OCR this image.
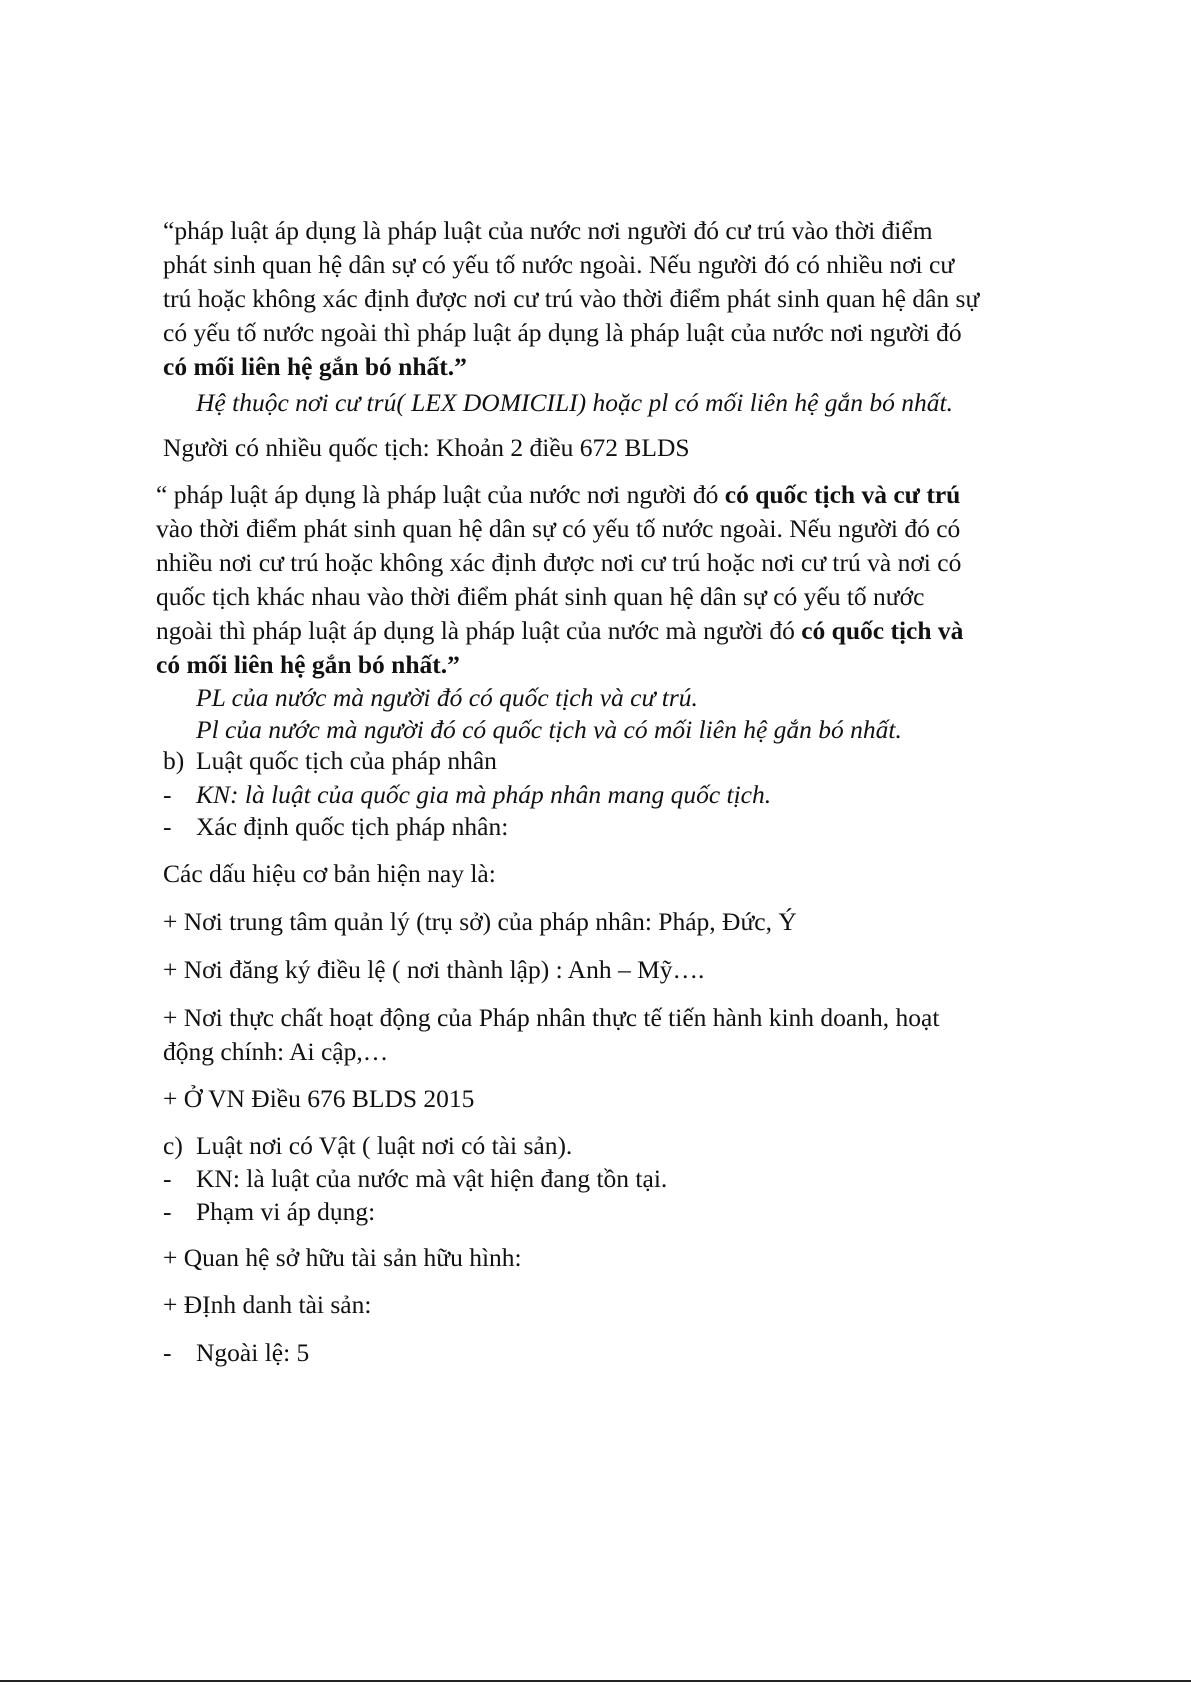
“pháp luật áp dụng là pháp luật của nước nơi người đó cư trú vào thời điểm
phát sinh quan hệ dân sự có yếu tố nước ngoài. Nếu người đó có nhiều nơi cư
trú hoặc không xác định được nơi cư trú vào thời điểm phát sinh quan hệ dân sự
có yếu tố nước ngoài thì pháp luật áp dụng là pháp luật của nước nơi người đó
có mối liên hệ gắn bó nhất.”
Hệ thuộc nơi cư trú( LEX DOMICILI) hoặc pl có mối liên hệ gắn bó nhất.
Người có nhiều quốc tịch: Khoản 2 điều 672 BLDS
“ pháp luật áp dụng là pháp luật của nước nơi người đó có quốc tịch và cư trú
vào thời điểm phát sinh quan hệ dân sự có yếu tố nước ngoài. Nếu người đó có
nhiều nơi cư trú hoặc không xác định được nơi cư trú hoặc nơi cư trú và nơi có
quốc tịch khác nhau vào thời điểm phát sinh quan hệ dân sự có yếu tố nước
ngoài thì pháp luật áp dụng là pháp luật của nước mà người đó có quốc tịch và
có mối liên hệ gắn bó nhất.”
PL của nước mà người đó có quốc tịch và cư trú.
Pl của nước mà người đó có quốc tịch và có mối liên hệ gắn bó nhất.
b) Luật quốc tịch của pháp nhân
- KN: là luật của quốc gia mà pháp nhân mang quốc tịch.
- Xác định quốc tịch pháp nhân:
Các dấu hiệu cơ bản hiện nay là:
+ Nơi trung tâm quản lý (trụ sở) của pháp nhân: Pháp, Đức, Ý
+ Nơi đăng ký điều lệ ( nơi thành lập) : Anh – Mỹ….
+ Nơi thực chất hoạt động của Pháp nhân thực tế tiến hành kinh doanh, hoạt
động chính: Ai cập,…
+ Ở VN Điều 676 BLDS 2015
c) Luật nơi có Vật ( luật nơi có tài sản).
- KN: là luật của nước mà vật hiện đang tồn tại.
- Phạm vi áp dụng:
+ Quan hệ sở hữu tài sản hữu hình:
+ ĐỊnh danh tài sản:
- Ngoài lệ: 5
